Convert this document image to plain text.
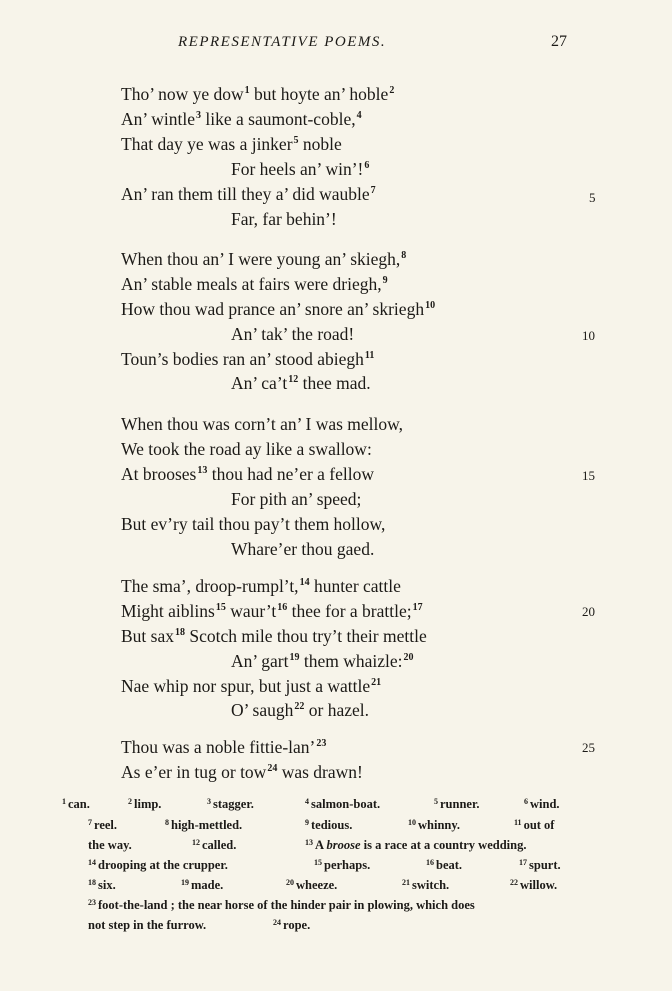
REPRESENTATIVE POEMS.	27
Tho’ now ye dow$^1$ but hoyte an’ hoble$^2$
An’ wintle$^3$ like a saumont-coble,$^4$
That day ye was a jinker$^5$ noble
For heels an’ win’!$^6$
An’ ran them till they a’ did wauble$^7$
Far, far behin’!
When thou an’ I were young an’ skiegh,$^8$
An’ stable meals at fairs were driegh,$^9$
How thou wad prance an’ snore an’ skriegh$^{10}$
An’ tak’ the road!
Toun’s bodies ran an’ stood abiegh$^{11}$
An’ $ca’t^{12}$ thee mad.
When thou was corn’t an’ I was mellow,
We took the road ay like a swallow:
At brooses$^{13}$ thou had ne’er a fellow
For pith an’ speed;
But ev’ry tail thou pay’t them hollow,
Whare’er thou gaed.
The sma’, droop-rumpl’t,$^{14}$ hunter cattle
Might aiblins$^{15}$ $waur’t^{16}$ thee for a brattle;$^{17}$
But sax$^{18}$ Scotch mile thou try’t their mettle
An’ gart$^{19}$ them whaizle:$^{20}$
Nae whip nor spur, but just a wattle$^{21}$
O’ saugh$^{22}$ or hazel.
Thou was a noble fittie-lan’$^{23}$
As e’er in tug or tow$^{24}$ was drawn!
5
10
15
20
25
$^1$ can.	$^2$ limp.	$^3$ stagger.	$^4$ salmon-boat.	$^5$ runner.	$^6$ wind.
$^7$ reel.	$^8$ high-mettled.	$^9$ tedious.	$^{10}$ whinny.	$^{11}$ out of
the way.	$^{12}$ called.	$^{13}$ A broose is a race at a country wedding.
$^{14}$ drooping at the crupper.	$^{15}$ perhaps.	$^{16}$ beat.	$^{17}$ spurt.
$^{18}$ six.	$^{19}$ made.	$^{20}$ wheeze.	$^{21}$ switch.	$^{22}$ willow.
$^{23}$ foot-the-land ; the near horse of the hinder pair in plowing, which does
not step in the furrow.	$^{24}$ rope.
